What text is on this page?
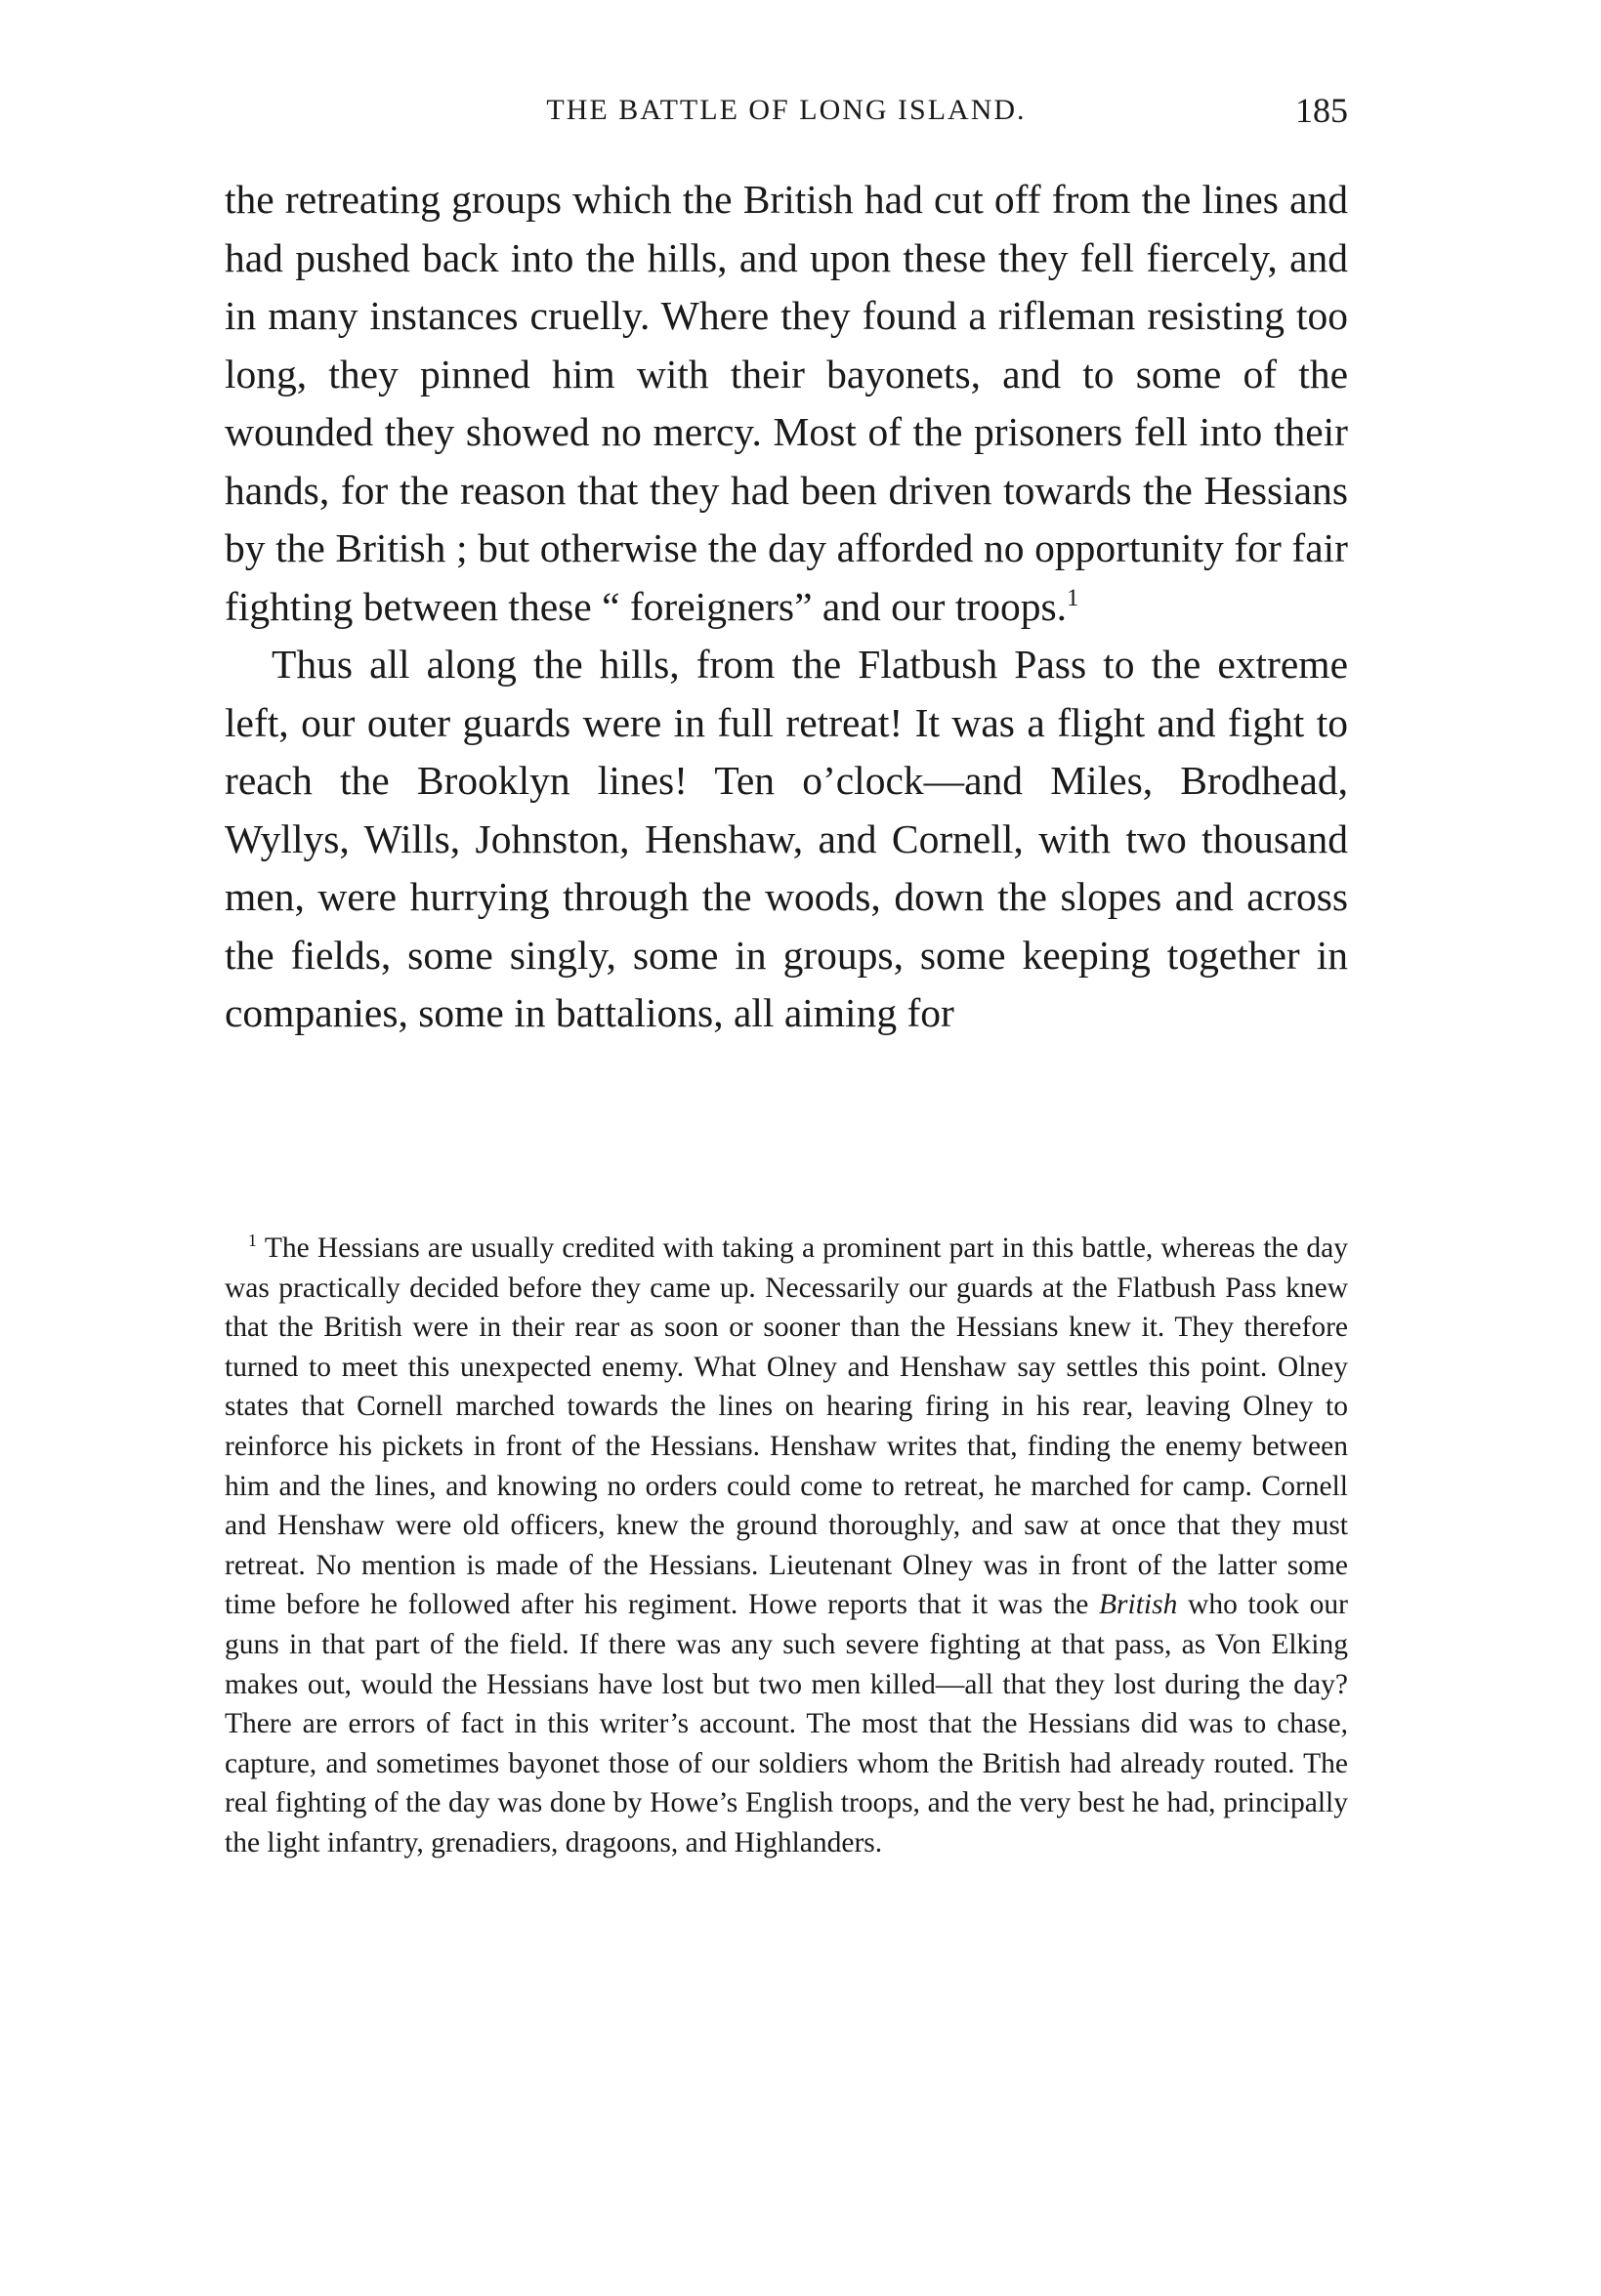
THE BATTLE OF LONG ISLAND.	185

the retreating groups which the British had cut off from the lines and had pushed back into the hills, and upon these they fell fiercely, and in many instances cruelly. Where they found a rifleman resisting too long, they pinned him with their bayonets, and to some of the wounded they showed no mercy. Most of the prisoners fell into their hands, for the reason that they had been driven towards the Hessians by the British ; but otherwise the day afforded no opportunity for fair fighting between these “ foreigners” and our troops.$^1$

Thus all along the hills, from the Flatbush Pass to the extreme left, our outer guards were in full retreat! It was a flight and fight to reach the Brooklyn lines! Ten o’clock—and Miles, Brodhead, Wyllys, Wills, Johnston, Henshaw, and Cornell, with two thousand men, were hurrying through the woods, down the slopes and across the fields, some singly, some in groups, some keeping together in companies, some in battalions, all aiming for

$^1$ The Hessians are usually credited with taking a prominent part in this battle, whereas the day was practically decided before they came up. Necessarily our guards at the Flatbush Pass knew that the British were in their rear as soon or sooner than the Hessians knew it. They therefore turned to meet this unexpected enemy. What Olney and Henshaw say settles this point. Olney states that Cornell marched towards the lines on hearing firing in his rear, leaving Olney to reinforce his pickets in front of the Hessians. Henshaw writes that, finding the enemy between him and the lines, and knowing no orders could come to retreat, he marched for camp. Cornell and Henshaw were old officers, knew the ground thoroughly, and saw at once that they must retreat. No mention is made of the Hessians. Lieutenant Olney was in front of the latter some time before he followed after his regiment. Howe reports that it was the British who took our guns in that part of the field. If there was any such severe fighting at that pass, as Von Elking makes out, would the Hessians have lost but two men killed—all that they lost during the day? There are errors of fact in this writer’s account. The most that the Hessians did was to chase, capture, and sometimes bayonet those of our soldiers whom the British had already routed. The real fighting of the day was done by Howe’s English troops, and the very best he had, principally the light infantry, grenadiers, dragoons, and Highlanders.
